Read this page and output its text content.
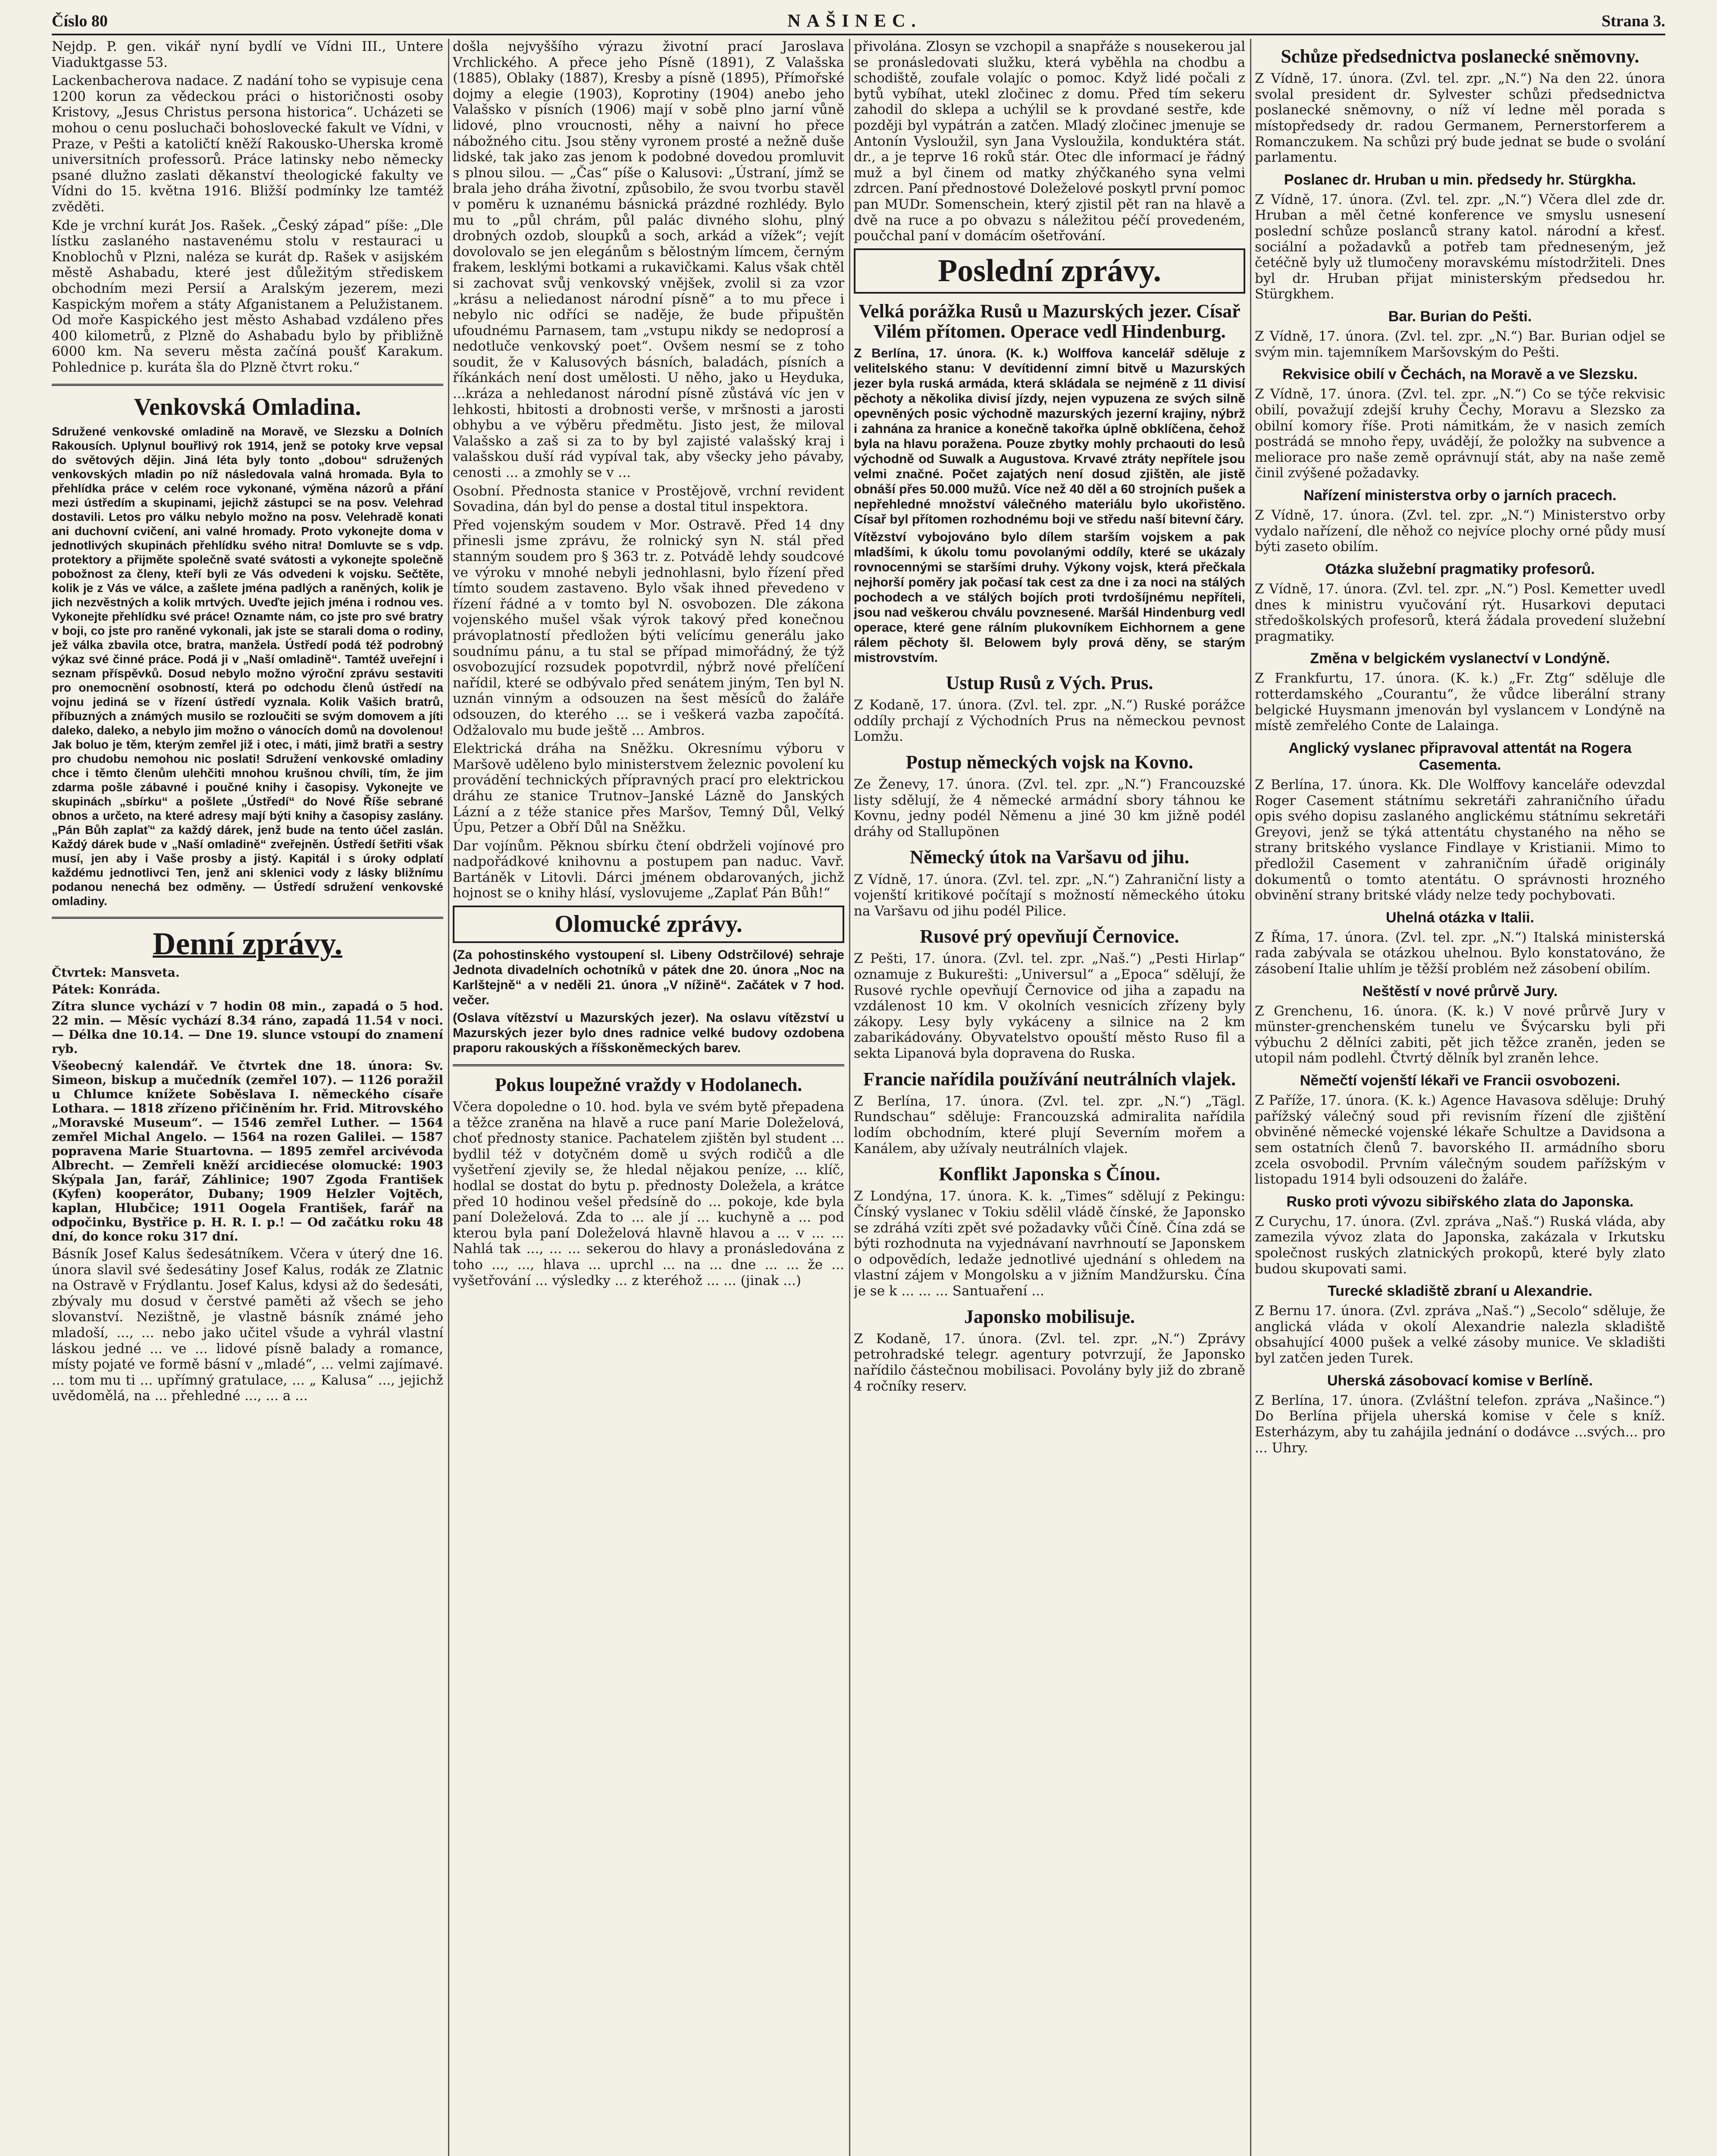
Číslo 80	NAŠINEC.	Strana 3.

Nejdp. P. gen. vikář nyní bydlí ve Vídni III., Untere Viaduktgasse 53.

Lackenbacherova nadace. Z nadání toho se vypisuje cena 1200 korun za vědeckou práci o historičnosti osoby Kristovy, „Jesus Christus persona historica“. Ucházeti se mohou o cenu posluchači bohoslovecké fakult ve Vídni, v Praze, v Pešti a katoličtí kněží Rakousko-Uherska kromě universitních professorů. Práce latinsky nebo německy psané dlužno zaslati děkanství theologické fakulty ve Vídni do 15. května 1916. Bližší podmínky lze tamtéž zvěděti.

Kde je vrchní kurát Jos. Rašek. „Český západ“ píše: „Dle lístku zaslaného nastavenému stolu v restauraci u Knoblochů v Plzni, naléza se kurát dp. Rašek v asijském městě Ashabadu, které jest důležitým střediskem obchodním mezi Persií a Aralským jezerem, mezi Kaspickým mořem a státy Afganistanem a Pelužistanem. Od moře Kaspického jest město Ashabad vzdáleno přes 400 kilometrů, z Plzně do Ashabadu bylo by přibližně 6000 km. Na severu města začíná poušť Karakum. Pohlednice p. kuráta šla do Plzně čtvrt roku.“

Venkovská Omladina.

Sdružené venkovské omladině na Moravě, ve Slezsku a Dolních Rakousích. Uplynul bouřlivý rok 1914, jenž se potoky krve vepsal do světových dějin. Jiná léta byly tonto „dobou“ sdružených venkovských mladin po níž následovala valná hromada. Byla to přehlídka práce v celém roce vykonané, výměna názorů a přání mezi ústředím a skupinami, jejichž zástupci se na posv. Velehrad dostavili. Letos pro válku nebylo možno na posv. Velehradě konati ani duchovní cvičení, ani valné hromady. Proto vykonejte doma v jednotlivých skupinách přehlídku svého nitra! Domluvte se s vdp. protektory a přijměte společně svaté svátosti a vykonejte společně pobožnost za členy, kteří byli ze Vás odvedeni k vojsku. Sečtěte, kolik je z Vás ve válce, a zašlete jména padlých a raněných, kolik je jich nezvěstných a kolik mrtvých. Uveďte jejich jména i rodnou ves. Vykonejte přehlídku své práce! Oznamte nám, co jste pro své bratry v boji, co jste pro raněné vykonali, jak jste se starali doma o rodiny, jež válka zbavila otce, bratra, manžela. Ústředí podá též podrobný výkaz své činné práce. Podá ji v „Naší omladině“. Tamtéž uveřejní i seznam příspěvků. Dosud nebylo možno výroční zprávu sestaviti pro onemocnění osobností, která po odchodu členů ústředí na vojnu jediná se v řízení ústředí vyznala. Kolik Vašich bratrů, příbuzných a známých musilo se rozloučiti se svým domovem a jíti daleko, daleko, a nebylo jim možno o vánocích domů na dovolenou! Jak boluo je těm, kterým zemřel již i otec, i máti, jimž bratři a sestry pro chudobu nemohou nic poslati! Sdružení venkovské omladiny chce i těmto členům ulehčiti mnohou krušnou chvíli, tím, že jim zdarma pošle zábavné i poučné knihy i časopisy. Vykonejte ve skupinách „sbírku“ a pošlete „Ústředí“ do Nové Říše sebrané obnos a určeto, na které adresy mají býti knihy a časopisy zaslány. „Pán Bůh zaplať“ za každý dárek, jenž bude na tento účel zaslán. Každý dárek bude v „Naší omladině“ zveřejněn. Ústředí šetřiti však musí, jen aby i Vaše prosby a jistý. Kapitál i s úroky odplatí každému jednotlivci Ten, jenž ani sklenici vody z lásky bližnímu podanou nenechá bez odměny. — Ústředí sdružení venkovské omladiny.

Denní zprávy.

Čtvrtek: Mansveta.

Pátek: Konráda.

Zítra slunce vychází v 7 hodin 08 min., zapadá o 5 hod. 22 min. — Měsíc vychází 8.34 ráno, zapadá 11.54 v noci. — Délka dne 10.14. — Dne 19. slunce vstoupí do znamení ryb.

Všeobecný kalendář. Ve čtvrtek dne 18. února: Sv. Simeon, biskup a mučedník (zemřel 107). — 1126 poražil u Chlumce knížete Soběslava I. německého císaře Lothara. — 1818 zřízeno přičiněním hr. Frid. Mitrovského „Moravské Museum“. — 1546 zemřel Luther. — 1564 zemřel Michal Angelo. — 1564 na rozen Galilei. — 1587 popravena Marie Stuartovna. — 1895 zemřel arcivévoda Albrecht. — Zemřeli kněží arcidiecése olomucké: 1903 Skýpala Jan, farář, Záhlinice; 1907 Zgoda František (Kyfen) kooperátor, Dubany; 1909 Helzler Vojtěch, kaplan, Hlubčice; 1911 Oogela František, farář na odpočinku, Bystřice p. H. R. I. p.! — Od začátku roku 48 dní, do konce roku 317 dní.

Básník Josef Kalus šedesátníkem. Včera v úterý dne 16. února slavil své šedesátiny Josef Kalus, rodák ze Zlatnic na Ostravě v Frýdlantu. Josef Kalus, kdysi až do šedesáti, zbývaly mu dosud v čerstvé paměti až všech se jeho slovanství. Nezištně, je vlastně básník známé jeho mladoší, ..., ... nebo jako učitel všude a vyhrál vlastní láskou jedné ... ve ... lidové písně balady a romance, místy pojaté ve formě básní v „mladé“, ... velmi zajímavé. ... tom mu ti ... upřímný gratulace, ... „ Kalusa“ ..., jejichž uvědomělá, na ... přehledné ..., ... a ...

došla nejvyššího výrazu životní prací Jaroslava Vrchlického. A přece jeho Písně (1891), Z Valašska (1885), Oblaky (1887), Kresby a písně (1895), Přímořské dojmy a elegie (1903), Koprotiny (1904) anebo jeho Valašsko v písních (1906) mají v sobě plno jarní vůně lidové, plno vroucnosti, něhy a naivní ho přece nábožného citu. Jsou stěny vyronem prosté a nežně duše lidské, tak jako zas jenom k podobné dovedou promluvit s plnou silou. — „Čas“ píše o Kalusovi: „Ústraní, jímž se brala jeho dráha životní, způsobilo, že svou tvorbu stavěl v poměru k uznanému básnická prázdné rozhlédy. Bylo mu to „půl chrám, půl palác divného slohu, plný drobných ozdob, sloupků a soch, arkád a vížek“; vejít dovolovalo se jen elegánům s bělostným límcem, černým frakem, lesklými botkami a rukavičkami. Kalus však chtěl si zachovat svůj venkovský vnějšek, zvolil si za vzor „krásu a neliedanost národní písně“ a to mu přece i nebylo nic odříci se naděje, že bude připuštěn ufoudnému Parnasem, tam „vstupu nikdy se nedoprosí a nedotluče venkovský poet“. Ovšem nesmí se z toho soudit, že v Kalusových básních, baladách, písních a říkánkách není dost umělosti. U něho, jako u Heyduka, ...kráza a nehledanost národní písně zůstává víc jen v lehkosti, hbitosti a drobnosti verše, v mršnosti a jarosti obhybu a ve výběru předmětu. Jisto jest, že miloval Valašsko a zaš si za to by byl zajisté valašský kraj i valašskou duší rád vypíval tak, aby všecky jeho pávaby, cenosti ... a zmohly se v ...

Osobní. Přednosta stanice v Prostějově, vrchní revident Sovadina, dán byl do pense a dostal titul inspektora.

Před vojenským soudem v Mor. Ostravě. Před 14 dny přinesli jsme zprávu, že rolnický syn N. stál před stanným soudem pro § 363 tr. z. Potvádě lehdy soudcové ve výroku v mnohé nebyli jednohlasni, bylo řízení před tímto soudem zastaveno. Bylo však ihned převedeno v řízení řádné a v tomto byl N. osvobozen. Dle zákona vojenského mušel však výrok takový před konečnou právoplatností předložen býti velícímu generálu jako soudnímu pánu, a tu stal se případ mimořádný, že týž osvobozující rozsudek popotvrdil, nýbrž nové přelíčení nařídil, které se odbývalo před senátem jiným, Ten byl N. uznán vinným a odsouzen na šest měsíců do žaláře odsouzen, do kterého ... se i veškerá vazba započítá. Odžalovalo mu bude ještě ... Ambros.

Elektrická dráha na Sněžku. Okresnímu výboru v Maršově uděleno bylo ministerstvem železnic povolení ku provádění technických přípravných prací pro elektrickou dráhu ze stanice Trutnov–Janské Lázně do Janských Lázní a z téže stanice přes Maršov, Temný Důl, Velký Úpu, Petzer a Obří Důl na Sněžku.

Dar vojínům. Pěknou sbírku čtení obdrželi vojínové pro nadpořádkové knihovnu a postupem pan naduc. Vavř. Bartáněk v Litovli. Dárci jménem obdarovaných, jichž hojnost se o knihy hlásí, vyslovujeme „Zaplať Pán Bůh!“

Olomucké zprávy.

(Za pohostinského vystoupení sl. Libeny Odstrčilové) sehraje Jednota divadelních ochotníků v pátek dne 20. února „Noc na Karlštejně“ a v neděli 21. února „V nížině“. Začátek v 7 hod. večer.

(Oslava vítězství u Mazurských jezer). Na oslavu vítězství u Mazurských jezer bylo dnes radnice velké budovy ozdobena praporu rakouských a říšskoněmeckých barev.

Pokus loupežné vraždy v Hodolanech.

Včera dopoledne o 10. hod. byla ve svém bytě přepadena a těžce zraněna na hlavě a ruce paní Marie Doleželová, choť přednosty stanice. Pachatelem zjištěn byl student ... bydlil též v dotyčném domě u svých rodičů a dle vyšetření zjevily se, že hledal nějakou peníze, ... klíč, hodlal se dostat do bytu p. přednosty Doležela, a krátce před 10 hodinou vešel předsíně do ... pokoje, kde byla paní Doleželová. Zda to ... ale jí ... kuchyně a ... pod kterou byla paní Doleželová hlavně hlavou a ... v ... ... Nahlá tak ..., ... ... sekerou do hlavy a pronásledována z toho ..., ..., hlava ... uprchl ... na ... dne ... ... že ... vyšetřování ... výsledky ... z kteréhož ... ... (jinak ...)

přivolána. Zlosyn se vzchopil a snapřáže s nousekerou jal se pronásledovati služku, která vyběhla na chodbu a schodiště, zoufale volajíc o pomoc. Když lidé počali z bytů vybíhat, utekl zločinec z domu. Před tím sekeru zahodil do sklepa a uchýlil se k provdané sestře, kde později byl vypátrán a zatčen. Mladý zločinec jmenuje se Antonín Vysloužil, syn Jana Vysloužila, konduktéra stát. dr., a je teprve 16 roků stár. Otec dle informací je řádný muž a byl činem od matky zhýčkaného syna velmi zdrcen. Paní přednostové Doleželové poskytl první pomoc pan MUDr. Somenschein, který zjistil pět ran na hlavě a dvě na ruce a po obvazu s náležitou péčí provedeném, poučchal paní v domácím ošetřování.

Poslední zprávy.
Velká porážka Rusů u Mazurských jezer. Císař Vilém přítomen. Operace vedl Hindenburg.

Z Berlína, 17. února. (K. k.) Wolffova kancelář sděluje z velitelského stanu: V devítidenní zimní bitvě u Mazurských jezer byla ruská armáda, která skládala se nejméně z 11 divisí pěchoty a několika divisí jízdy, nejen vypuzena ze svých silně opevněných posic východně mazurských jezerní krajiny, nýbrž i zahnána za hranice a konečně takořka úplně obklíčena, čehož byla na hlavu poražena. Pouze zbytky mohly prchaouti do lesů východně od Suwalk a Augustova. Krvavé ztráty nepřítele jsou velmi značné. Počet zajatých není dosud zjištěn, ale jistě obnáší přes 50.000 mužů. Více než 40 děl a 60 strojních pušek a nepřehledné množství válečného materiálu bylo ukořistěno. Císař byl přítomen rozhodnému boji ve středu naší bitevní čáry.

Vítězství vybojováno bylo dílem starším vojskem a pak mladšími, k úkolu tomu povolanými oddíly, které se ukázaly rovnocennými se staršími druhy. Výkony vojsk, která přečkala nejhorší poměry jak počasí tak cest za dne i za noci na stálých pochodech a ve stálých bojích proti tvrdošíjnému nepříteli, jsou nad veškerou chválu povznesené. Maršál Hindenburg vedl operace, které gene rálním plukovníkem Eichhornem a gene rálem pěchoty šl. Belowem byly prová děny, se starým mistrovstvím.

Ustup Rusů z Vých. Prus.

Z Kodaně, 17. února. (Zvl. tel. zpr. „N.“) Ruské porážce oddíly prchají z Východních Prus na německou pevnost Lomžu.

Postup německých vojsk na Kovno.

Ze Ženevy, 17. února. (Zvl. tel. zpr. „N.“) Francouzské listy sdělují, že 4 německé armádní sbory táhnou ke Kovnu, jedny podél Němenu a jiné 30 km jižně podél dráhy od Stallupönen

Německý útok na Varšavu od jihu.

Z Vídně, 17. února. (Zvl. tel. zpr. „N.“) Zahraniční listy a vojenští kritikové počítají s možností německého útoku na Varšavu od jihu podél Pilice.

Rusové prý opevňují Černovice.

Z Pešti, 17. února. (Zvl. tel. zpr. „Naš.“) „Pesti Hirlap“ oznamuje z Bukurešti: „Universul“ a „Epoca“ sdělují, že Rusové rychle opevňují Černovice od jiha a zapadu na vzdálenost 10 km. V okolních vesnicích zřízeny byly zákopy. Lesy byly vykáceny a silnice na 2 km zabarikádovány. Obyvatelstvo opouští město Ruso fil a sekta Lipanová byla dopravena do Ruska.

Francie nařídila používání neutrálních vlajek.

Z Berlína, 17. února. (Zvl. tel. zpr. „N.“) „Tägl. Rundschau“ sděluje: Francouzská admiralita nařídila lodím obchodním, které plují Severním mořem a Kanálem, aby užívaly neutrálních vlajek.

Konflikt Japonska s Čínou.

Z Londýna, 17. února. K. k. „Times“ sdělují z Pekingu: Čínský vyslanec v Tokiu sdělil vládě čínské, že Japonsko se zdráhá vzíti zpět své požadavky vůči Číně. Čína zdá se býti rozhodnuta na vyjednávaní navrhnoutí se Japonskem o odpovědích, ledaže jednotlivé ujednání s ohledem na vlastní zájem v Mongolsku a v jižním Mandžursku. Čína je se k ... ... ... Santuaření ...

Japonsko mobilisuje.

Z Kodaně, 17. února. (Zvl. tel. zpr. „N.“) Zprávy petrohradské telegr. agentury potvrzují, že Japonsko nařídilo částečnou mobilisaci. Povolány byly již do zbraně 4 ročníky reserv.

Schůze předsednictva poslanecké sněmovny.

Z Vídně, 17. února. (Zvl. tel. zpr. „N.“) Na den 22. února svolal president dr. Sylvester schůzi předsednictva poslanecké sněmovny, o níž ví ledne měl porada s místopředsedy dr. radou Germanem, Pernerstorferem a Romanczukem. Na schůzi prý bude jednat se bude o svolání parlamentu.

Poslanec dr. Hruban u min. předsedy hr. Stürgkha.

Z Vídně, 17. února. (Zvl. tel. zpr. „N.“) Včera dlel zde dr. Hruban a měl četné konference ve smyslu usnesení poslední schůze poslanců strany katol. národní a křesť. sociální a požadavků a potřeb tam předneseným, jež četéčně byly už tlumočeny moravskému místodržiteli. Dnes byl dr. Hruban přijat ministerským předsedou hr. Stürgkhem.

Bar. Burian do Pešti.

Z Vídně, 17. února. (Zvl. tel. zpr. „N.“) Bar. Burian odjel se svým min. tajemníkem Maršovským do Pešti.

Rekvisice obilí v Čechách, na Moravě a ve Slezsku.

Z Vídně, 17. února. (Zvl. tel. zpr. „N.“) Co se týče rekvisic obilí, považují zdejší kruhy Čechy, Moravu a Slezsko za obilní komory říše. Proti námitkám, že v nasich zemích postrádá se mnoho řepy, uvádějí, že položky na subvence a meliorace pro naše země oprávnují stát, aby na naše země činil zvýšené požadavky.

Nařízení ministerstva orby o jarních pracech.

Z Vídně, 17. února. (Zvl. tel. zpr. „N.“) Ministerstvo orby vydalo nařízení, dle něhož co nejvíce plochy orné půdy musí býti zaseto obilím.

Otázka služební pragmatiky profesorů.

Z Vídně, 17. února. (Zvl. tel. zpr. „N.“) Posl. Kemetter uvedl dnes k ministru vyučování rýt. Husarkovi deputaci středoškolských profesorů, která žádala provedení služební pragmatiky.

Změna v belgickém vyslanectví v Londýně.

Z Frankfurtu, 17. února. (K. k.) „Fr. Ztg“ sděluje dle rotterdamského „Courantu“, že vůdce liberální strany belgické Huysmann jmenován byl vyslancem v Londýně na místě zemřelého Conte de Lalainga.

Anglický vyslanec připravoval attentát na Rogera Casementa.

Z Berlína, 17. února. Kk. Dle Wolffovy kanceláře odevzdal Roger Casement státnímu sekretáři zahraničního úřadu opis svého dopisu zaslaného anglickému státnímu sekretáři Greyovi, jenž se týká attentátu chystaného na něho se strany britského vyslance Findlaye v Kristianii. Mimo to předložil Casement v zahraničním úřadě originály dokumentů o tomto atentátu. O správnosti hrozného obvinění strany britské vlády nelze tedy pochybovati.

Uhelná otázka v Italii.

Z Říma, 17. února. (Zvl. tel. zpr. „N.“) Italská ministerská rada zabývala se otázkou uhelnou. Bylo konstatováno, že zásobení Italie uhlím je těžší problém než zásobení obilím.

Neštěstí v nové průrvě Jury.

Z Grenchenu, 16. února. (K. k.) V nové průrvě Jury v münster-grenchenském tunelu ve Švýcarsku byli při výbuchu 2 dělníci zabiti, pět jich těžce zraněn, jeden se utopil nám podlehl. Čtvrtý dělník byl zraněn lehce.

Němečtí vojenští lékaři ve Francii osvobozeni.

Z Paříže, 17. února. (K. k.) Agence Havasova sděluje: Druhý pařížský válečný soud při revisním řízení dle zjištění obviněné německé vojenské lékaře Schultze a Davidsona a sem ostatních členů 7. bavorského II. armádního sboru zcela osvobodil. Prvním válečným soudem pařížským v listopadu 1914 byli odsouzeni do žaláře.

Rusko proti vývozu sibiřského zlata do Japonska.

Z Curychu, 17. února. (Zvl. zpráva „Naš.“) Ruská vláda, aby zamezila vývoz zlata do Japonska, zakázala v Irkutsku společnost ruských zlatnických prokopů, které byly zlato budou skupovati sami.

Turecké skladiště zbraní u Alexandrie.

Z Bernu 17. února. (Zvl. zpráva „Naš.“) „Secolo“ sděluje, že anglická vláda v okolí Alexandrie nalezla skladiště obsahující 4000 pušek a velké zásoby munice. Ve skladišti byl zatčen jeden Turek.

Uherská zásobovací komise v Berlíně.

Z Berlína, 17. února. (Zvláštní telefon. zpráva „Našince.“) Do Berlína přijela uherská komise v čele s kníž. Esterházym, aby tu zahájila jednání o dodávce ...svých... pro ... Uhry.
